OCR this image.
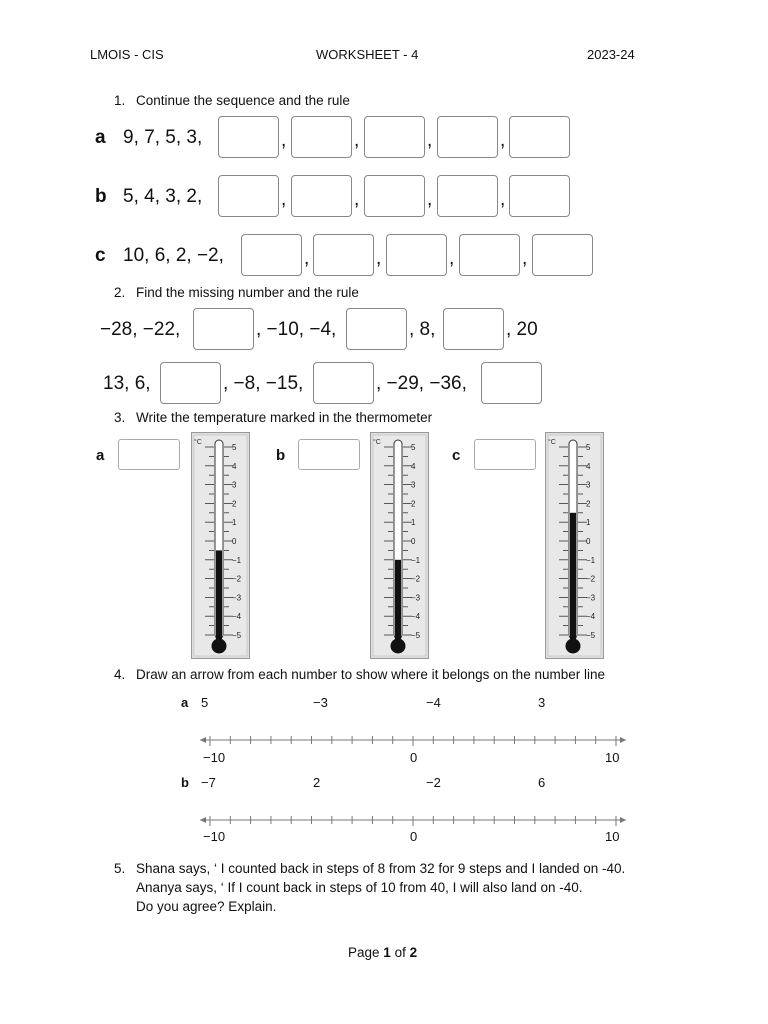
LMOIS - CIS	WORKSHEET - 4	2023-24
1. Continue the sequence and the rule
a 9, 7, 5, 3,	,	,	,	,
b 5, 4, 3, 2,	,	,	,	,
c 10, 6, 2, −2,	,	,	,	,
2. Find the missing number and the rule
−28, −22,	, −10, −4,	, 8,	, 20
13, 6,	, −8, −15,	, −29, −36,
3. Write the temperature marked in the thermometer
a	b	c
°C
5
4
3
2
1
0
−1
−2
−3
−4
−5
°C
5
4
3
2
1
0
−1
−2
−3
−4
−5
°C
5
4
3
2
1
0
−1
−2
−3
−4
−5
4. Draw an arrow from each number to show where it belongs on the number line
a 5	−3	−4	3
−10	0	10
b −7	2	−2	6
−10	0	10
5. Shana says, ‘ I counted back in steps of 8 from 32 for 9 steps and I landed on -40.
Ananya says, ‘ If I count back in steps of 10 from 40, I will also land on -40.
Do you agree? Explain.
Page 1 of 2
